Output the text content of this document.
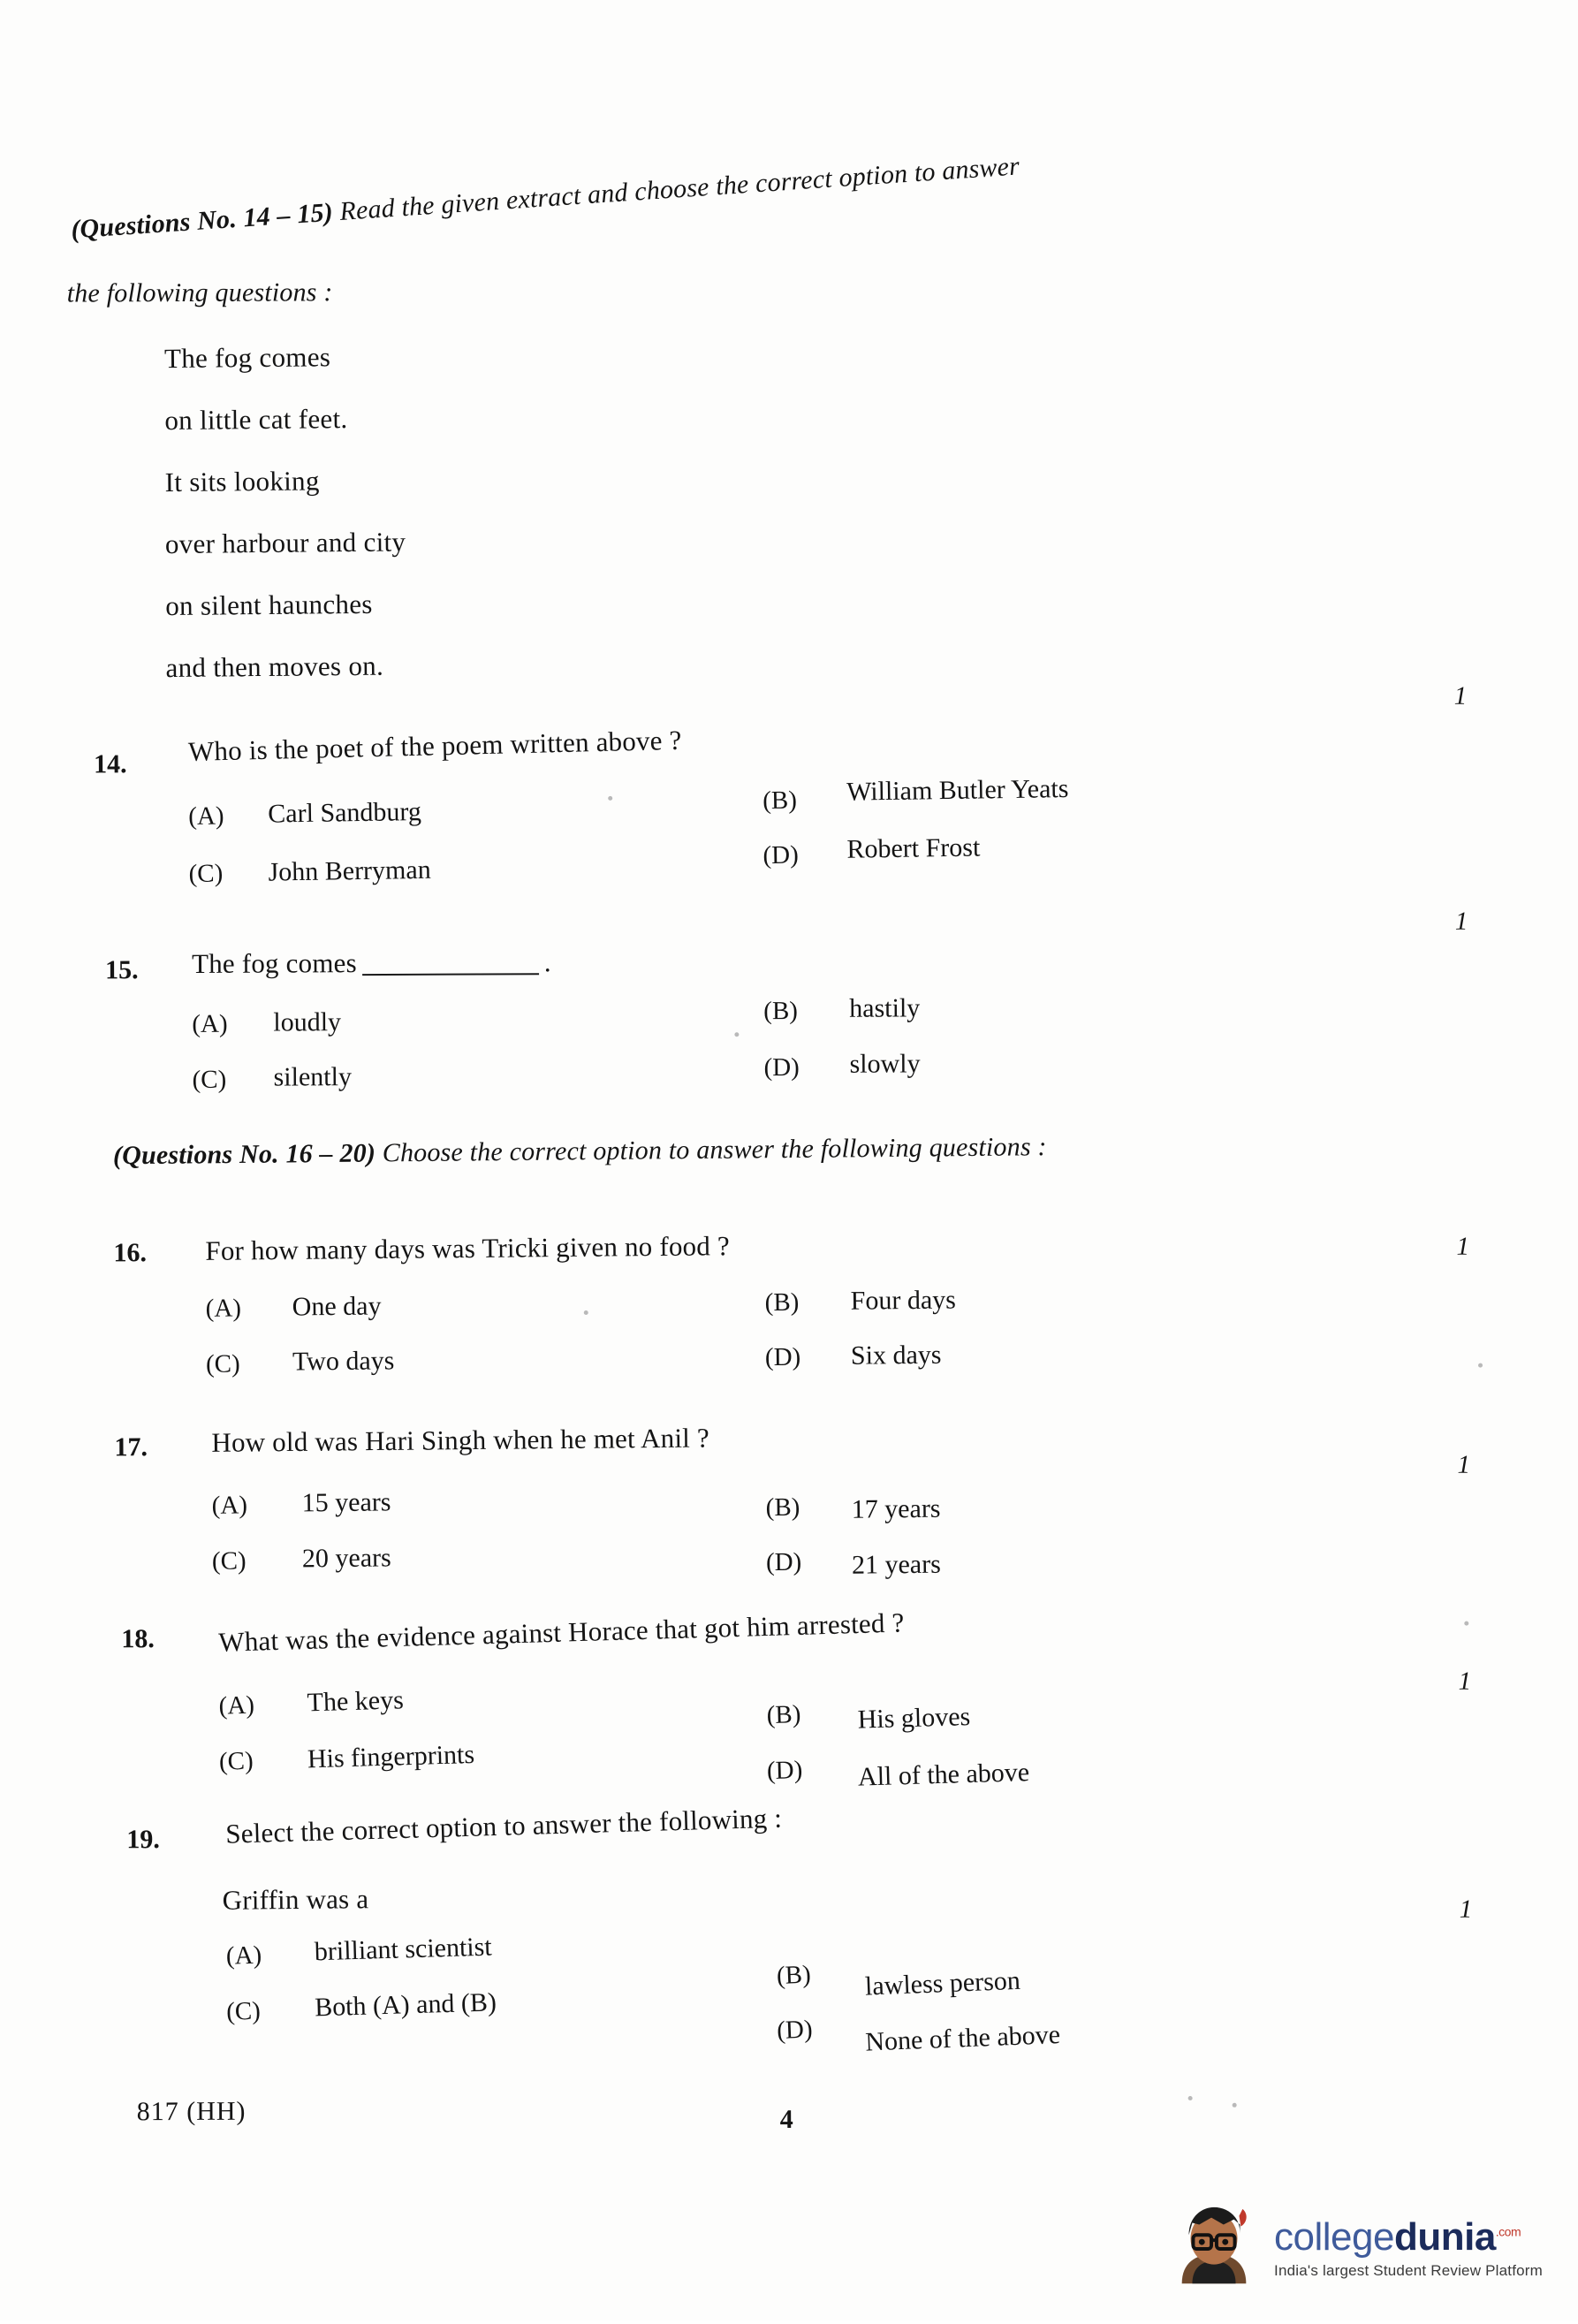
(Questions No. 14 – 15) Read the given extract and choose the correct option to answer
the following questions :
The fog comes
on little cat feet.
It sits looking
over harbour and city
on silent haunches
and then moves on.
1
14. Who is the poet of the poem written above ?
(A) Carl Sandburg	(B) William Butler Yeats
(C) John Berryman
(D) Robert Frost
1
15. The fog comes	.
(A) loudly	(B) hastily
(C) silently	(D) slowly
(Questions No. 16 – 20) Choose the correct option to answer the following questions :
1
16. For how many days was Tricki given no food ?
(A) One day	(B) Four days
(C) Two days	(D) Six days
1
17. How old was Hari Singh when he met Anil ?
(A) 15 years	(B) 17 years
(C) 20 years	(D) 21 years
1
18. What was the evidence against Horace that got him arrested ?
(A) The keys	(B) His gloves
(C) His fingerprints	(D) All of the above
1
19. Select the correct option to answer the following :
Griffin was a
(A) brilliant scientist
(B) lawless person
(C) Both (A) and (B)
(D) None of the above
817 (HH)	4
collegedunia$^{.com}$
India's largest Student Review Platform
